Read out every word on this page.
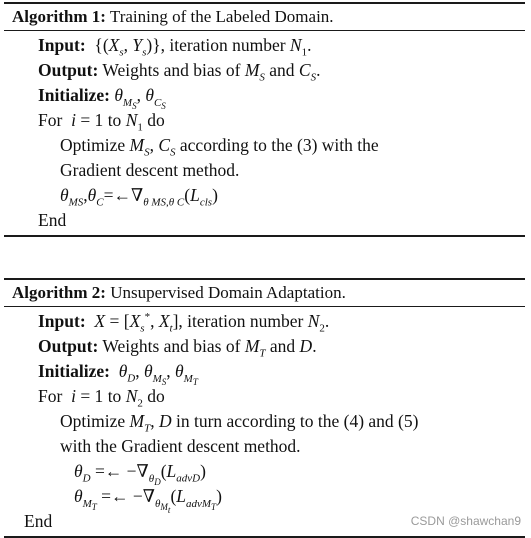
Algorithm 1: Training of the Labeled Domain.
Input: {($X_s$, $Y_s$)}, iteration number $N_1$.
Output: Weights and bias of $M_S$ and $C_S$.
Initialize: $\theta_{M_S}$, $\theta_{C_S}$
For  i = 1 to $N_1$ do
Optimize $M_S$, $C_S$ according to the (3) with the
Gradient descent method.
$\theta_{MS},\theta_C=\leftarrow\nabla_{\theta MS,\theta C}(L_{cls})$
End
Algorithm 2: Unsupervised Domain Adaptation.
Input: $X = [X_s^*$, $X_t$], iteration number $N_2$.
Output: Weights and bias of $M_T$ and D.
Initialize: $\theta_D$, $\theta_{M_S}$, $\theta_{M_T}$
For  i = 1 to $N_2$ do
Optimize $M_T$, D in turn according to the (4) and (5)
with the Gradient descent method.
$\theta_D$ =← $-\nabla_{\theta_D}(L_{advD})$
$\theta_{M_T}$ =← $-\nabla_{\theta_{M_t}}(L_{advM_T})$
End	CSDN @shawchan9
